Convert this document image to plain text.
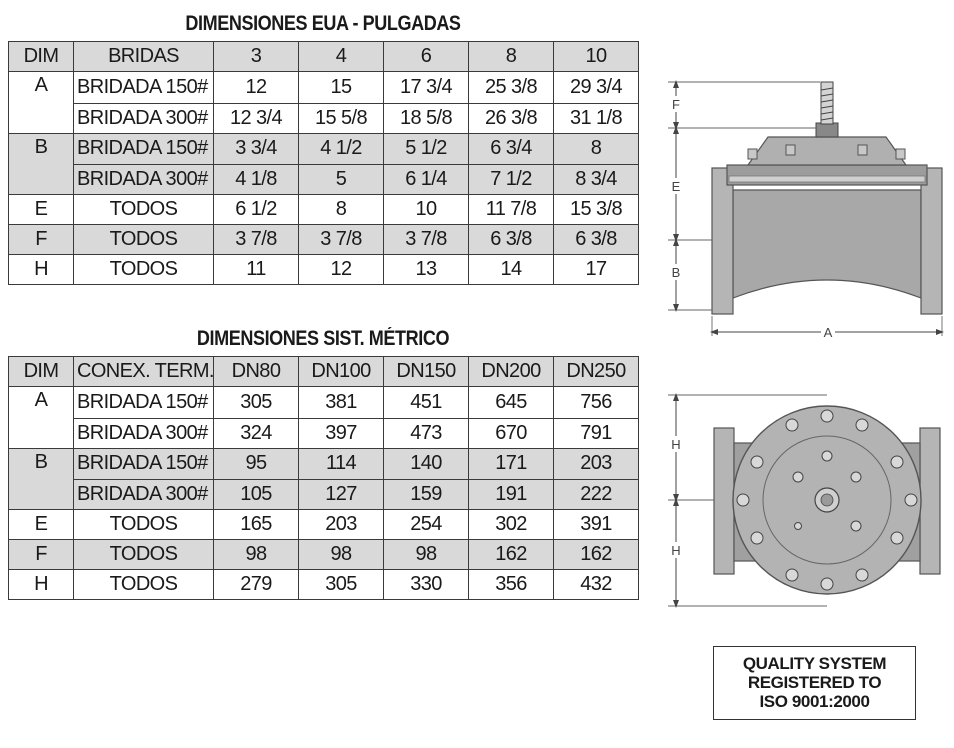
DIMENSIONES EUA - PULGADAS
DIM	BRIDAS	3	4	6	8	10
A	BRIDADA 150#	12	15	17 3/4	25 3/8	29 3/4
	BRIDADA 300#	12 3/4	15 5/8	18 5/8	26 3/8	31 1/8
B	BRIDADA 150#	3 3/4	4 1/2	5 1/2	6 3/4	8
	BRIDADA 300#	4 1/8	5	6 1/4	7 1/2	8 3/4
E	TODOS	6 1/2	8	10	11 7/8	15 3/8
F	TODOS	3 7/8	3 7/8	3 7/8	6 3/8	6 3/8
H	TODOS	11	12	13	14	17
DIMENSIONES SIST. MÉTRICO
DIM	CONEX. TERM.	DN80	DN100	DN150	DN200	DN250
A	BRIDADA 150#	305	381	451	645	756
	BRIDADA 300#	324	397	473	670	791
B	BRIDADA 150#	95	114	140	171	203
	BRIDADA 300#	105	127	159	191	222
E	TODOS	165	203	254	302	391
F	TODOS	98	98	98	162	162
H	TODOS	279	305	330	356	432
F
E
B
A
H
H
QUALITY SYSTEM
REGISTERED TO
ISO 9001:2000
